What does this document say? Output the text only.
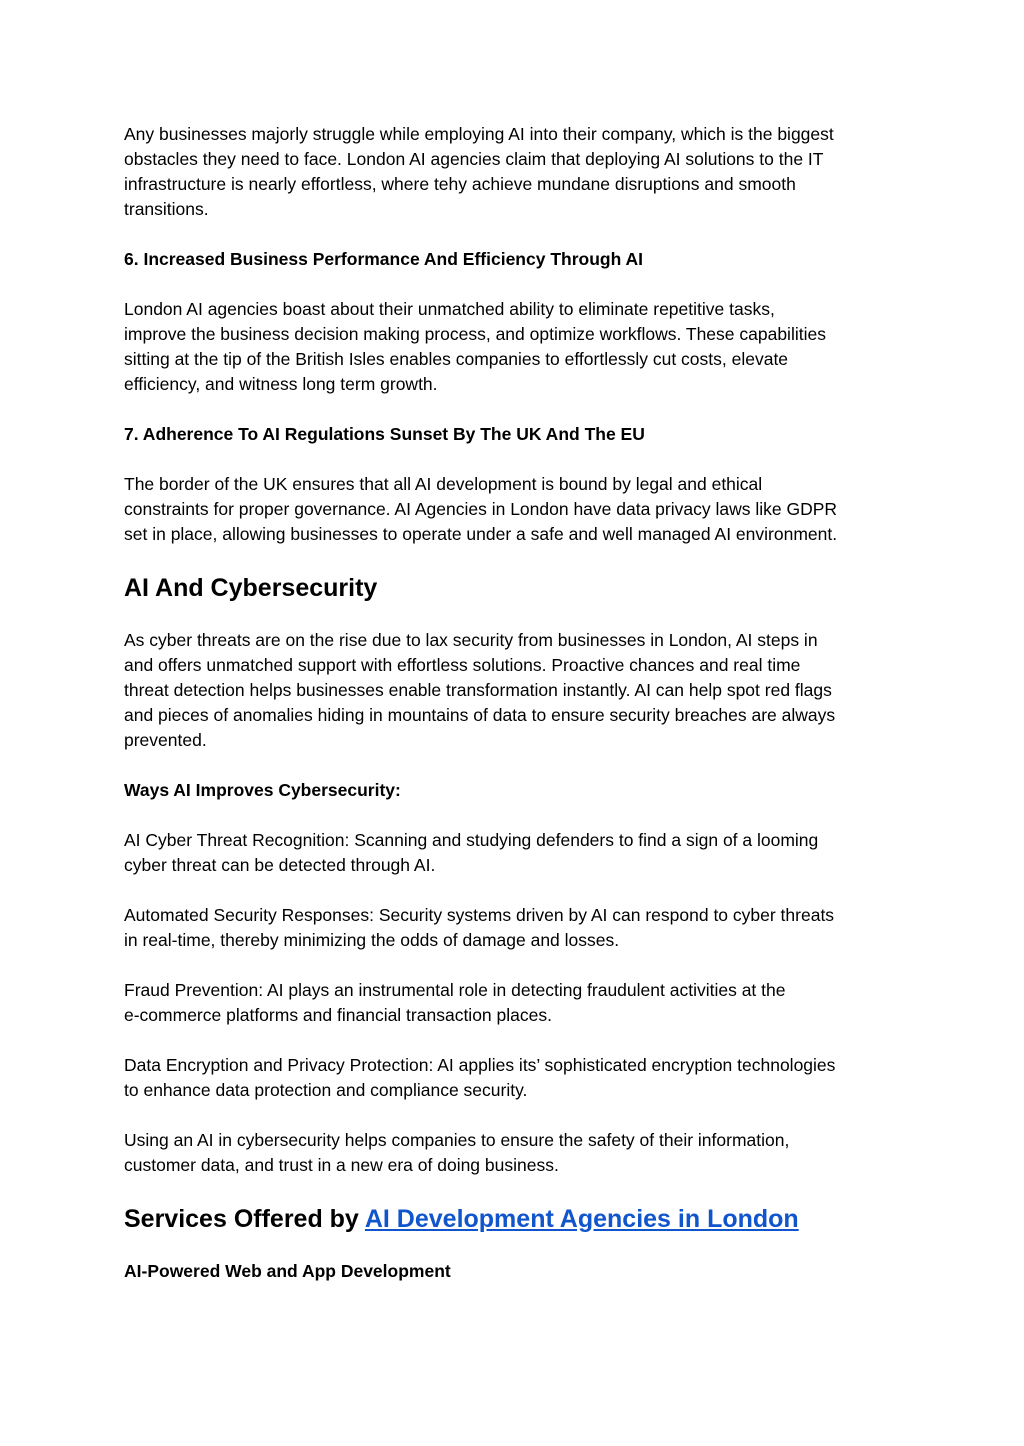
Any businesses majorly struggle while employing AI into their company, which is the biggest
obstacles they need to face. London AI agencies claim that deploying AI solutions to the IT
infrastructure is nearly effortless, where tehy achieve mundane disruptions and smooth
transitions.
6. Increased Business Performance And Efficiency Through AI
London AI agencies boast about their unmatched ability to eliminate repetitive tasks,
improve the business decision making process, and optimize workflows. These capabilities
sitting at the tip of the British Isles enables companies to effortlessly cut costs, elevate
efficiency, and witness long term growth.
7. Adherence To AI Regulations Sunset By The UK And The EU
The border of the UK ensures that all AI development is bound by legal and ethical
constraints for proper governance. AI Agencies in London have data privacy laws like GDPR
set in place, allowing businesses to operate under a safe and well managed AI environment.
AI And Cybersecurity
As cyber threats are on the rise due to lax security from businesses in London, AI steps in
and offers unmatched support with effortless solutions. Proactive chances and real time
threat detection helps businesses enable transformation instantly. AI can help spot red flags
and pieces of anomalies hiding in mountains of data to ensure security breaches are always
prevented.
Ways AI Improves Cybersecurity:
AI Cyber Threat Recognition: Scanning and studying defenders to find a sign of a looming
cyber threat can be detected through AI.
Automated Security Responses: Security systems driven by AI can respond to cyber threats
in real-time, thereby minimizing the odds of damage and losses.
Fraud Prevention: AI plays an instrumental role in detecting fraudulent activities at the
e-commerce platforms and financial transaction places.
Data Encryption and Privacy Protection: AI applies its’ sophisticated encryption technologies
to enhance data protection and compliance security.
Using an AI in cybersecurity helps companies to ensure the safety of their information,
customer data, and trust in a new era of doing business.
Services Offered by AI Development Agencies in London
AI-Powered Web and App Development
